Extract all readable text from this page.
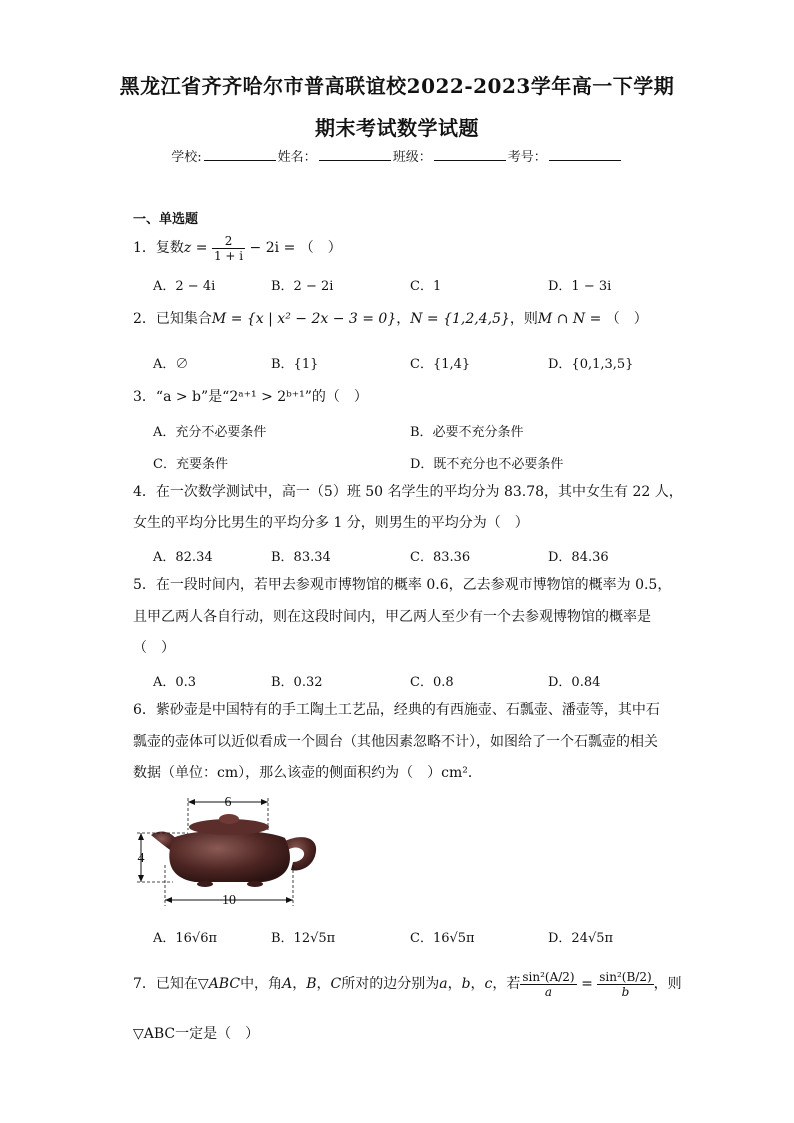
黑龙江省齐齐哈尔市普高联谊校2022-2023学年高一下学期
期末考试数学试题
学校:	姓名：	班级：	考号：
一、单选题
1．复数$z = \frac{2}{1 + i} - 2i$ = （　）
A．2 − 4i	B．2 − 2i	C．1	D．1 − 3i
2．已知集合M = {x | x² − 2x − 3 = 0}，N = {1,2,4,5}，则M ∩ N = （　）
A．∅	B．{1}	C．{1,4}	D．{0,1,3,5}
3．“a > b”是“2ᵃ⁺¹ > 2ᵇ⁺¹”的（　）
A．充分不必要条件	B．必要不充分条件
C．充要条件	D．既不充分也不必要条件
4．在一次数学测试中，高一（5）班 50 名学生的平均分为 83.78，其中女生有 22 人，
女生的平均分比男生的平均分多 1 分，则男生的平均分为（　）
A．82.34	B．83.34	C．83.36	D．84.36
5．在一段时间内，若甲去参观市博物馆的概率 0.6，乙去参观市博物馆的概率为 0.5，
且甲乙两人各自行动，则在这段时间内，甲乙两人至少有一个去参观博物馆的概率是
（　）
A．0.3	B．0.32	C．0.8	D．0.84
6．紫砂壶是中国特有的手工陶土工艺品，经典的有西施壶、石瓢壶、潘壶等，其中石
瓢壶的壶体可以近似看成一个圆台（其他因素忽略不计），如图给了一个石瓢壶的相关
数据（单位：cm），那么该壶的侧面积约为（　）cm²．
6
4
10
A．16√6π	B．12√5π	C．16√5π	D．24√5π
7．已知在▽ABC中，角A，B，C所对的边分别为a，b，c，若 $\frac{\text{sin²(A/2)}}{a} = \frac{\text{sin²(B/2)}}{b}$ ，则
▽ABC一定是（　）
